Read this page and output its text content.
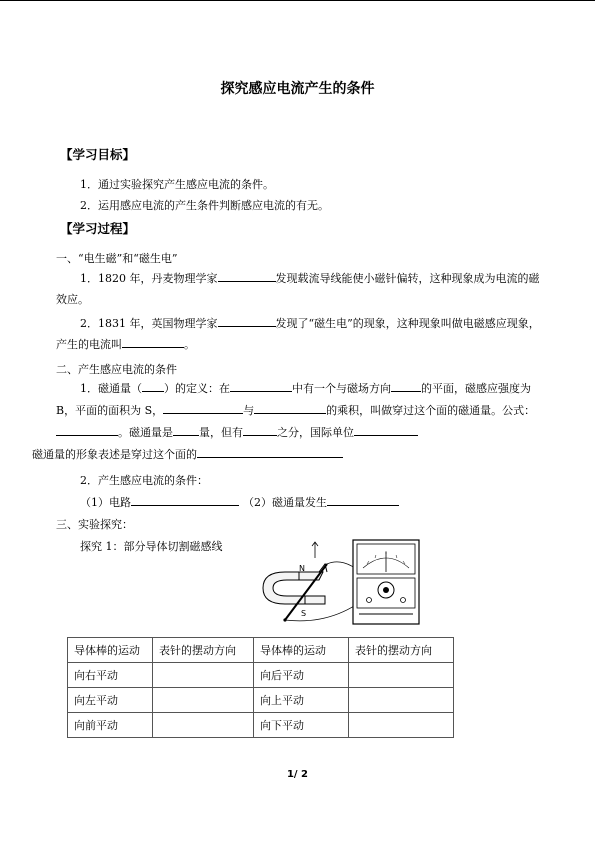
探究感应电流产生的条件
【学习目标】
1．通过实验探究产生感应电流的条件。
2．运用感应电流的产生条件判断感应电流的有无。
【学习过程】
一、“电生磁”和“磁生电”
1．1820 年，丹麦物理学家	发现载流导线能使小磁针偏转，这种现象成为电流的磁效应。
2．1831 年，英国物理学家	发现了“磁生电”的现象，这种现象叫做电磁感应现象，产生的电流叫	。
二、产生感应电流的条件
1．磁通量（ ）的定义：在	中有一个与磁场方向	的平面，磁感应强度为 B，平面的面积为 S，	与	的乘积，叫做穿过这个面的磁通量。公式：。磁通量是 量，但有	之分，国际单位
磁通量的形象表述是穿过这个面的
2．产生感应电流的条件：
（1）电路	（2）磁通量发生
三、实验探究：
探究 1：部分导体切割磁感线
N
S
导体棒的运动	表针的摆动方向	导体棒的运动	表针的摆动方向
向右平动		向后平动	
向左平动		向上平动	
向前平动		向下平动	
1/ 2
